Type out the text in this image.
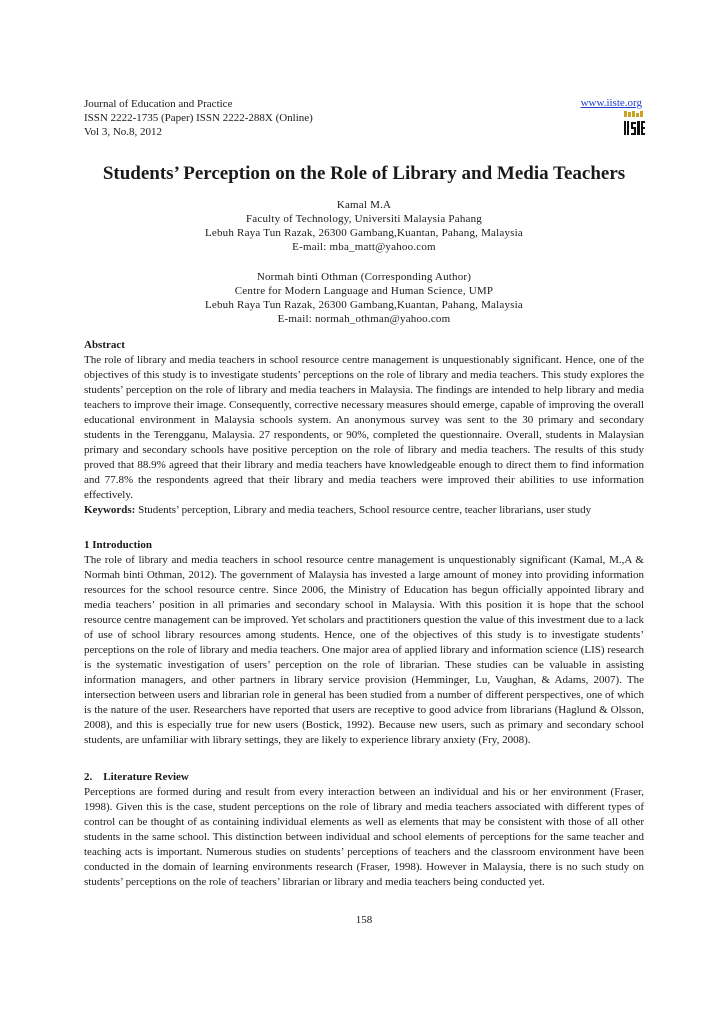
Journal of Education and Practice
ISSN 2222-1735 (Paper) ISSN 2222-288X (Online)
Vol 3, No.8, 2012
www.iiste.org
Students’ Perception on the Role of Library and Media Teachers
Kamal M.A
Faculty of Technology, Universiti Malaysia Pahang
Lebuh Raya Tun Razak, 26300 Gambang,Kuantan, Pahang, Malaysia
E-mail: mba_matt@yahoo.com
Normah binti Othman (Corresponding Author)
Centre for Modern Language and Human Science, UMP
Lebuh Raya Tun Razak, 26300 Gambang,Kuantan, Pahang, Malaysia
E-mail: normah_othman@yahoo.com

Abstract

The role of library and media teachers in school resource centre management is unquestionably significant. Hence, one of the objectives of this study is to investigate students’ perceptions on the role of library and media teachers. This study explores the students’ perception on the role of library and media teachers in Malaysia. The findings are intended to help library and media teachers to improve their image. Consequently, corrective necessary measures should emerge, capable of improving the overall educational environment in Malaysia schools system. An anonymous survey was sent to the 30 primary and secondary students in the Terengganu, Malaysia. 27 respondents, or 90%, completed the questionnaire. Overall, students in Malaysian primary and secondary schools have positive perception on the role of library and media teachers. The results of this study proved that 88.9% agreed that their library and media teachers have knowledgeable enough to direct them to find information and 77.8% the respondents agreed that their library and media teachers were improved their abilities to use information effectively.

Keywords: Students’ perception, Library and media teachers, School resource centre, teacher librarians, user study

1 Introduction

The role of library and media teachers in school resource centre management is unquestionably significant (Kamal, M.,A & Normah binti Othman, 2012). The government of Malaysia has invested a large amount of money into providing information resources for the school resource centre. Since 2006, the Ministry of Education has begun officially appointed library and media teachers’ position in all primaries and secondary school in Malaysia. With this position it is hope that the school resource centre management can be improved. Yet scholars and practitioners question the value of this investment due to a lack of use of school library resources among students. Hence, one of the objectives of this study is to investigate students’ perceptions on the role of library and media teachers. One major area of applied library and information science (LIS) research is the systematic investigation of users’ perception on the role of librarian. These studies can be valuable in assisting information managers, and other partners in library service provision (Hemminger, Lu, Vaughan, & Adams, 2007). The intersection between users and librarian role in general has been studied from a number of different perspectives, one of which is the nature of the user. Researchers have reported that users are receptive to good advice from librarians (Haglund & Olsson, 2008), and this is especially true for new users (Bostick, 1992). Because new users, such as primary and secondary school students, are unfamiliar with library settings, they are likely to experience library anxiety (Fry, 2008).

2.    Literature Review

Perceptions are formed during and result from every interaction between an individual and his or her environment (Fraser, 1998). Given this is the case, student perceptions on the role of library and media teachers associated with different types of control can be thought of as containing individual elements as well as elements that may be consistent with those of all other students in the same school. This distinction between individual and school elements of perceptions for the same teacher and teaching acts is important. Numerous studies on students’ perceptions of teachers and the classroom environment have been conducted in the domain of learning environments research (Fraser, 1998). However in Malaysia, there is no such study on students’ perceptions on the role of teachers’ librarian or library and media teachers being conducted yet.

158
